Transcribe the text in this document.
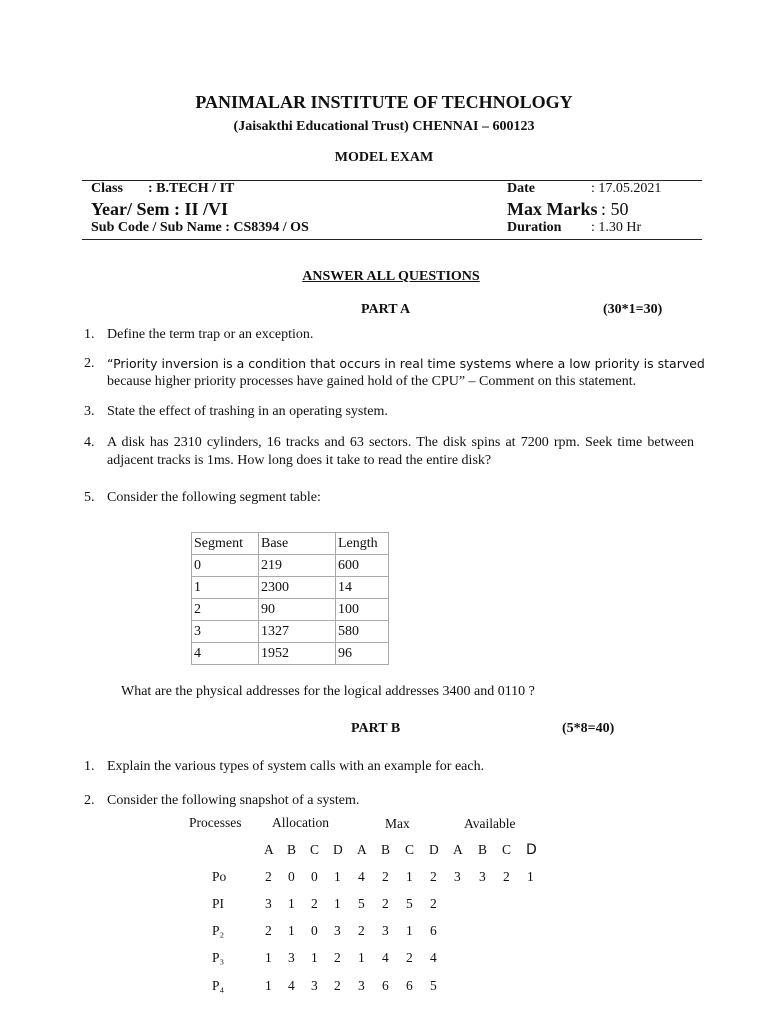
PANIMALAR INSTITUTE OF TECHNOLOGY
(Jaisakthi Educational Trust) CHENNAI – 600123
MODEL EXAM
Class : B.TECH / IT
Year/ Sem : II /VI
Sub Code / Sub Name : CS8394 / OS
Date	: 17.05.2021
Max Marks : 50
Duration : 1.30 Hr
ANSWER ALL QUESTIONS
PART A	(30*1=30)
1. Define the term trap or an exception.
2. “Priority inversion is a condition that occurs in real time systems where a low priority is starved
because higher priority processes have gained hold of the CPU” – Comment on this statement.
3. State the effect of trashing in an operating system.
4. A disk has 2310 cylinders, 16 tracks and 63 sectors. The disk spins at 7200 rpm. Seek time between adjacent tracks is 1ms. How long does it take to read the entire disk?
5. Consider the following segment table:
Segment	Base	Length
0	219	600
1	2300	14
2	90	100
3	1327	580
4	1952	96
What are the physical addresses for the logical addresses 3400 and 0110 ?
PART B	(5*8=40)
1. Explain the various types of system calls with an example for each.
2. Consider the following snapshot of a system.
Processes Allocation	Max	Available
A B C D A B C D A B C D
Po	2 0 0 1 4 2 1 2 3 3 2 1
PI	3 1 2 1 5 2 5 2
P₂	2 1 0 3 2 3 1 6
P₃	1 3 1 2 1 4 2 4
P₄	1 4 3 2 3 6 6 5
